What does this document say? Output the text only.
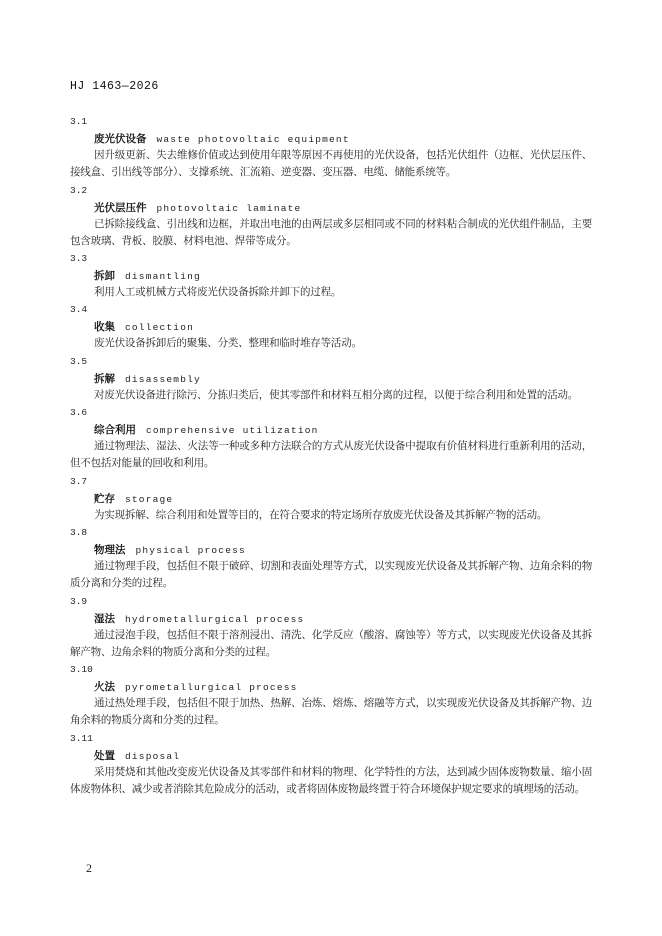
HJ 1463—2026
3.1
废光伏设备 waste photovoltaic equipment

因升级更新、失去维修价值或达到使用年限等原因不再使用的光伏设备，包括光伏组件（边框、光伏层压件、接线盒、引出线等部分）、支撑系统、汇流箱、逆变器、变压器、电缆、储能系统等。

3.2
光伏层压件 photovoltaic laminate

已拆除接线盒、引出线和边框，并取出电池的由两层或多层相同或不同的材料粘合制成的光伏组件制品，主要包含玻璃、背板、胶膜、材料电池、焊带等成分。

3.3
拆卸 dismantling

利用人工或机械方式将废光伏设备拆除并卸下的过程。

3.4
收集 collection

废光伏设备拆卸后的聚集、分类、整理和临时堆存等活动。

3.5
拆解 disassembly

对废光伏设备进行除污、分拣归类后，使其零部件和材料互相分离的过程，以便于综合利用和处置的活动。

3.6
综合利用 comprehensive utilization

通过物理法、湿法、火法等一种或多种方法联合的方式从废光伏设备中提取有价值材料进行重新利用的活动，但不包括对能量的回收和利用。

3.7
贮存 storage

为实现拆解、综合利用和处置等目的，在符合要求的特定场所存放废光伏设备及其拆解产物的活动。

3.8
物理法 physical process

通过物理手段，包括但不限于破碎、切割和表面处理等方式，以实现废光伏设备及其拆解产物、边角余料的物质分离和分类的过程。

3.9
湿法 hydrometallurgical process

通过浸泡手段，包括但不限于溶剂浸出、清洗、化学反应（酸溶、腐蚀等）等方式，以实现废光伏设备及其拆解产物、边角余料的物质分离和分类的过程。

3.10
火法 pyrometallurgical process

通过热处理手段，包括但不限于加热、热解、冶炼、熔炼、熔融等方式，以实现废光伏设备及其拆解产物、边角余料的物质分离和分类的过程。

3.11
处置 disposal

采用焚烧和其他改变废光伏设备及其零部件和材料的物理、化学特性的方法，达到减少固体废物数量、缩小固体废物体积、减少或者消除其危险成分的活动，或者将固体废物最终置于符合环境保护规定要求的填埋场的活动。

2
